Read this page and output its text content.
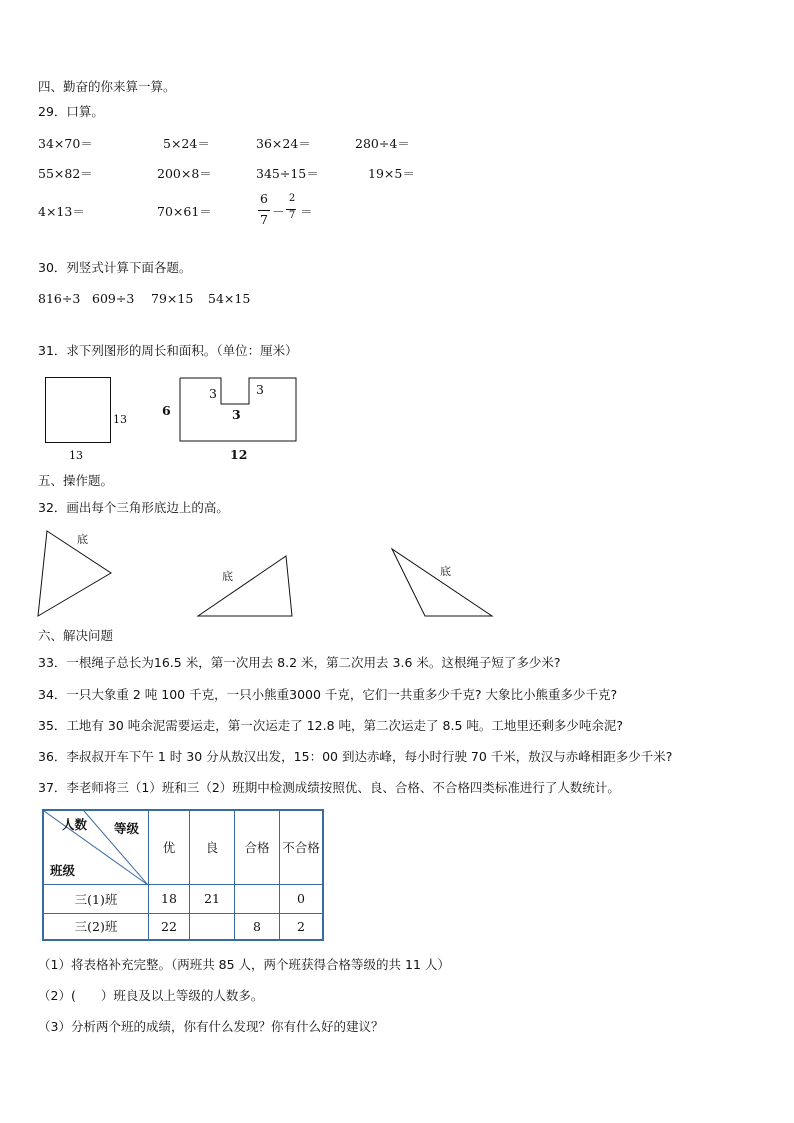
四、勤奋的你来算一算。
29．口算。
34×70＝	5×24＝	36×24＝	280÷4＝
55×82＝	200×8＝	345÷15＝	19×5＝
4×13＝	70×61＝
6
7
－
2
7 ＝
30．列竖式计算下面各题。
816÷3 609÷3 79×15 54×15
31．求下列图形的周长和面积。（单位：厘米）
13
13
6
3
3
3
12
五、操作题。
32．画出每个三角形底边上的高。
底
底	底
六、解决问题
33．一根绳子总长为16.5 米，第一次用去 8.2 米，第二次用去 3.6 米。这根绳子短了多少米?
34．一只大象重 2 吨 100 千克，一只小熊重3000 千克，它们一共重多少千克? 大象比小熊重多少千克?
35．工地有 30 吨余泥需要运走，第一次运走了 12.8 吨，第二次运走了 8.5 吨。工地里还剩多少吨余泥?
36．李叔叔开车下午 1 时 30 分从敖汉出发，15：00 到达赤峰，每小时行驶 70 千米，敖汉与赤峰相距多少千米?
37．李老师将三（1）班和三（2）班期中检测成绩按照优、良、合格、不合格四类标准进行了人数统计。
人数 等级
班级	优	良	合格	不合格
三(1)班	18	21		0
三(2)班	22		8	2
（1）将表格补充完整。（两班共 85 人，两个班获得合格等级的共 11 人）
（2）(　　）班良及以上等级的人数多。
（3）分析两个班的成绩，你有什么发现？你有什么好的建议？
